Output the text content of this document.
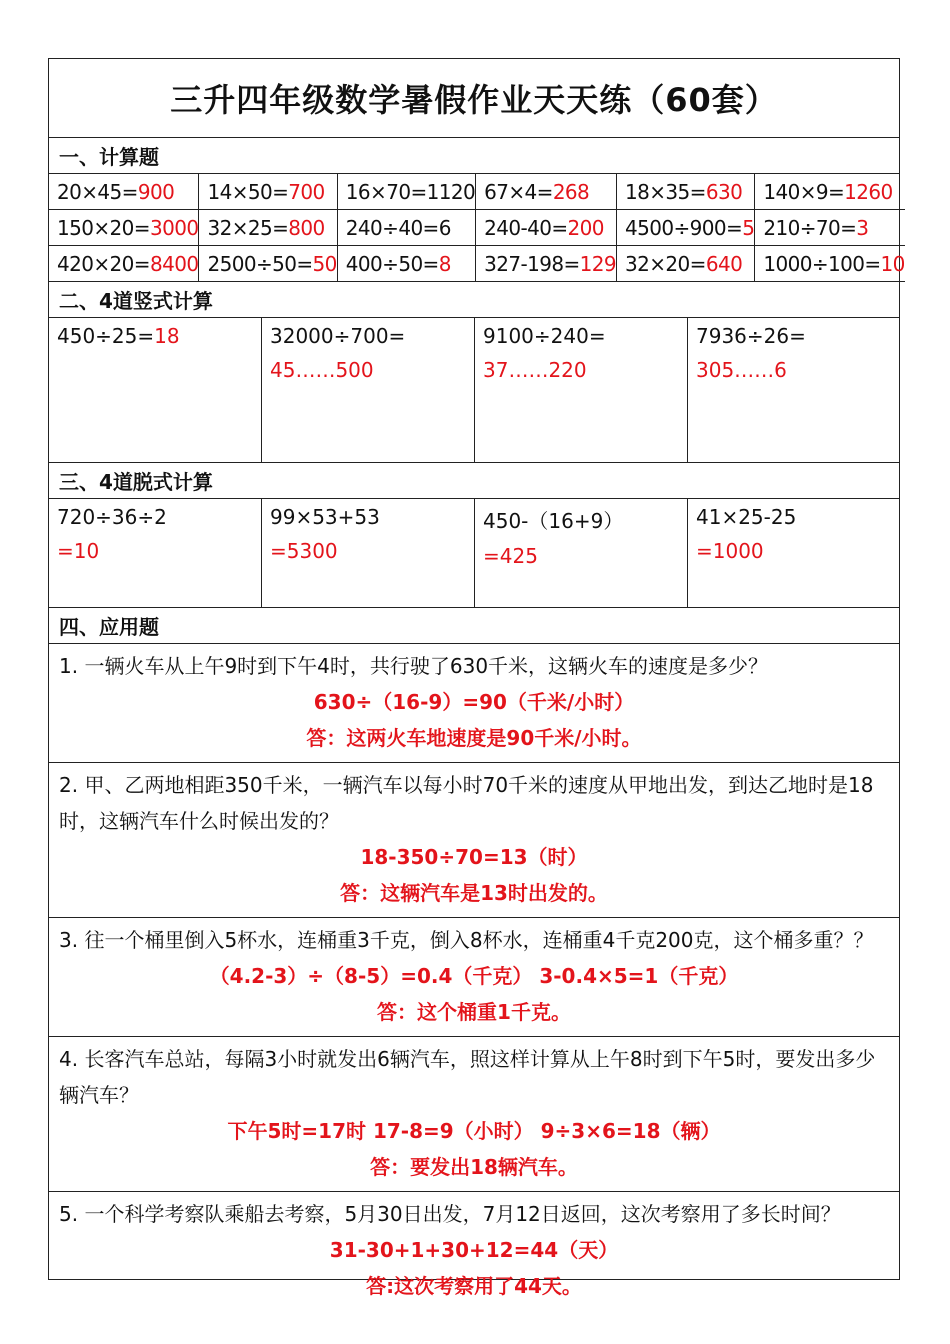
三升四年级数学暑假作业天天练（60套）
一、计算题
20×45= 900 14×50= 700 16×70=1120 67×4= 268 18×35= 630 140×9= 1260
150×20= 3000 32×25= 800 240÷40=6 240-40= 200 4500÷900= 5 210÷70= 3
420×20= 8400 2500÷50= 50 400÷50= 8 327-198= 129 32×20= 640 1000÷100= 10
二、4道竖式计算
450÷25=18	32000÷700=
45……500
9100÷240=
37……220
7936÷26=
305……6
三、4道脱式计算
720÷36÷2
=10
99×53+53
=5300
450-（16+9）
=425
41×25-25
=1000
四、应用题
1. 一辆火车从上午9时到下午4时，共行驶了630千米，这辆火车的速度是多少？
630÷（16-9）=90（千米/小时）
答：这两火车地速度是90千米/小时。
2. 甲、乙两地相距350千米，一辆汽车以每小时70千米的速度从甲地出发，到达乙地时是18时，这辆汽车什么时候出发的？
18-350÷70=13（时）
答：这辆汽车是13时出发的。
3. 往一个桶里倒入5杯水，连桶重3千克，倒入8杯水，连桶重4千克200克，这个桶多重？？
（4.2-3）÷（8-5）=0.4（千克） 3-0.4×5=1（千克）
答：这个桶重1千克。
4. 长客汽车总站，每隔3小时就发出6辆汽车，照这样计算从上午8时到下午5时，要发出多少辆汽车？
下午5时=17时 17-8=9（小时） 9÷3×6=18（辆）
答：要发出18辆汽车。
5. 一个科学考察队乘船去考察，5月30日出发，7月12日返回，这次考察用了多长时间？
31-30+1+30+12=44（天）
答:这次考察用了44天。
